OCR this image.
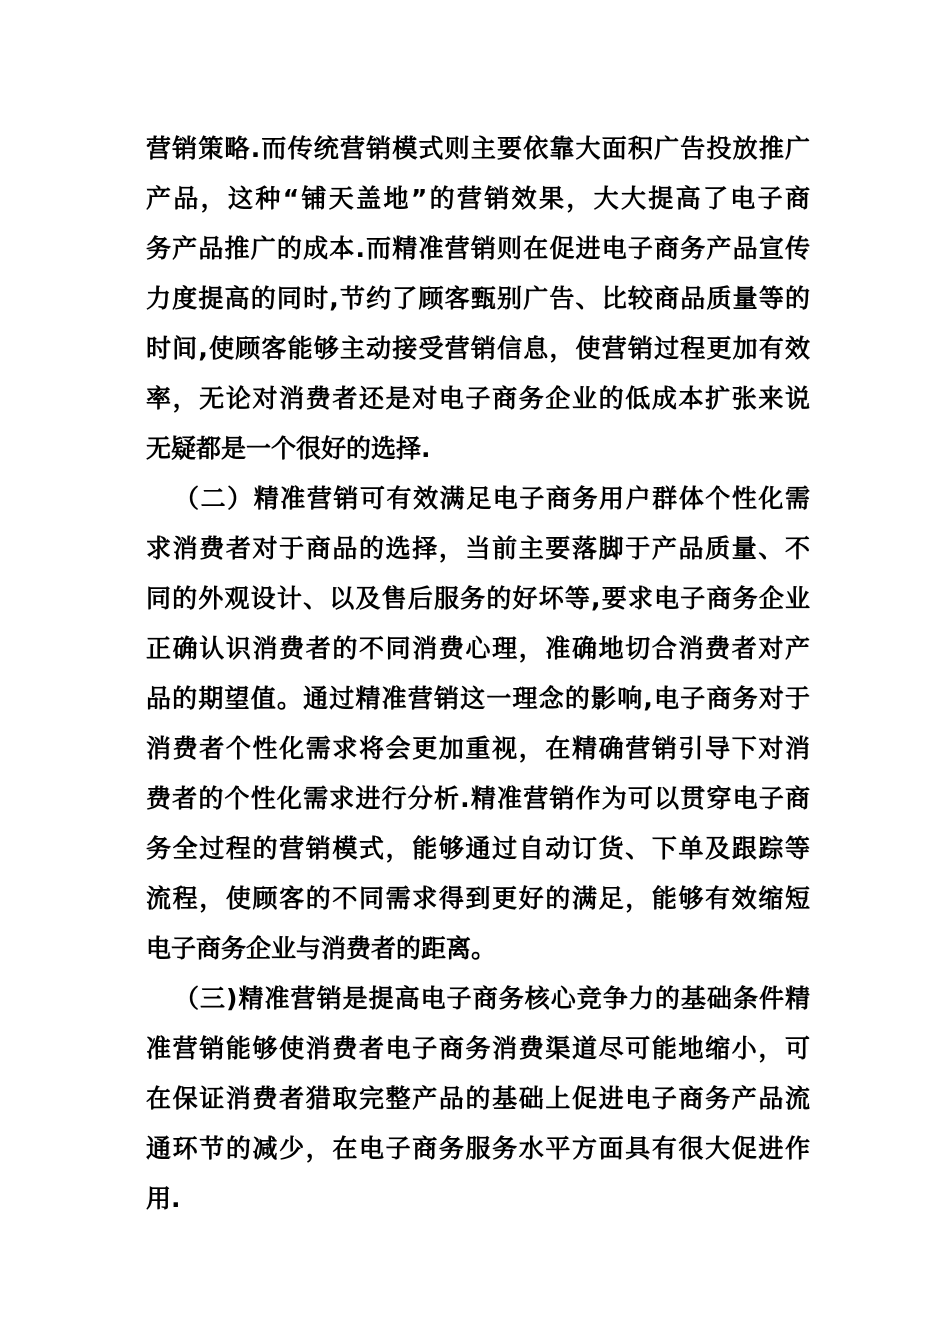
营销策略.而传统营销模式则主要依靠大面积广告投放推广
产品，这种“铺天盖地”的营销效果，大大提高了电子商
务产品推广的成本.而精准营销则在促进电子商务产品宣传
力度提高的同时,节约了顾客甄别广告、比较商品质量等的
时间,使顾客能够主动接受营销信息，使营销过程更加有效
率，无论对消费者还是对电子商务企业的低成本扩张来说
无疑都是一个很好的选择.
（二）精准营销可有效满足电子商务用户群体个性化需
求消费者对于商品的选择，当前主要落脚于产品质量、不
同的外观设计、以及售后服务的好坏等,要求电子商务企业
正确认识消费者的不同消费心理，准确地切合消费者对产
品的期望值。通过精准营销这一理念的影响,电子商务对于
消费者个性化需求将会更加重视，在精确营销引导下对消
费者的个性化需求进行分析.精准营销作为可以贯穿电子商
务全过程的营销模式，能够通过自动订货、下单及跟踪等
流程，使顾客的不同需求得到更好的满足，能够有效缩短
电子商务企业与消费者的距离。
（三)精准营销是提高电子商务核心竞争力的基础条件精
准营销能够使消费者电子商务消费渠道尽可能地缩小，可
在保证消费者猎取完整产品的基础上促进电子商务产品流
通环节的减少，在电子商务服务水平方面具有很大促进作
用.
